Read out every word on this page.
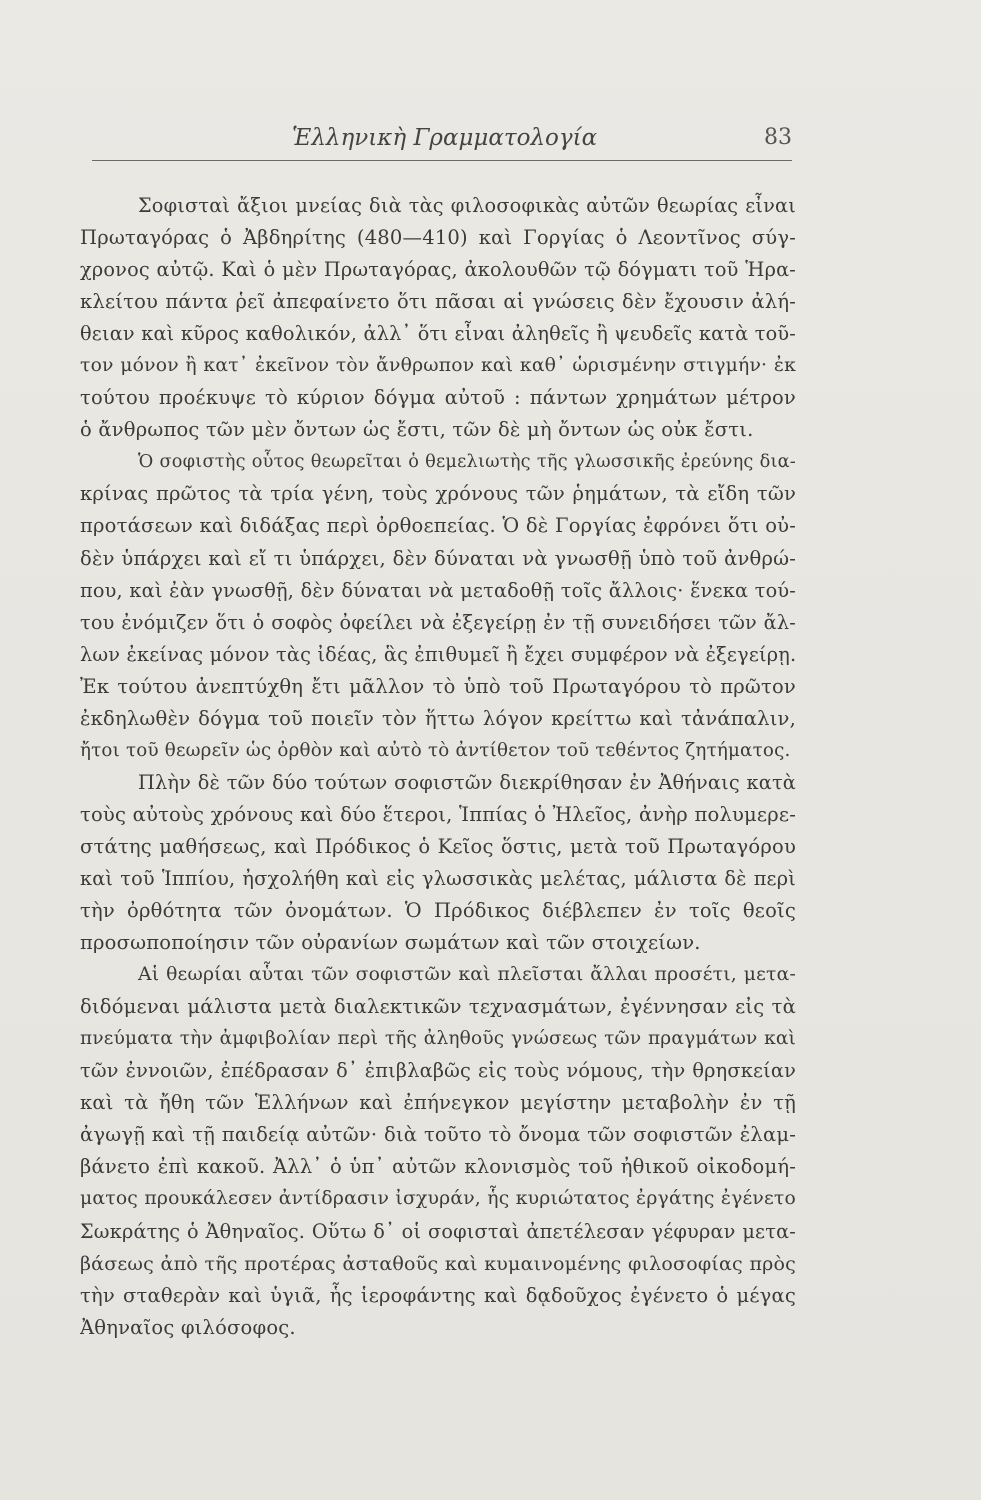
Ἑλληνικὴ Γραμματολογία	83
Σοφισταὶ ἄξιοι μνείας διὰ τὰς φιλοσοφικὰς αὐτῶν θεωρίας εἶναι
Πρωταγόρας ὁ Ἀβδηρίτης (480—410) καὶ Γοργίας ὁ Λεοντῖνος σύγ-
χρονος αὐτῷ. Καὶ ὁ μὲν Πρωταγόρας, ἀκολουθῶν τῷ δόγματι τοῦ Ἡρα-
κλείτου πάντα ῥεῖ ἀπεφαίνετο ὅτι πᾶσαι αἱ γνώσεις δὲν ἔχουσιν ἀλή-
θειαν καὶ κῦρος καθολικόν, ἀλλ᾽ ὅτι εἶναι ἀληθεῖς ἢ ψευδεῖς κατὰ τοῦ-
τον μόνον ἢ κατ᾽ ἐκεῖνον τὸν ἄνθρωπον καὶ καθ᾽ ὡρισμένην στιγμήν· ἐκ
τούτου προέκυψε τὸ κύριον δόγμα αὐτοῦ : πάντων χρημάτων μέτρον
ὁ ἄνθρωπος τῶν μὲν ὄντων ὡς ἔστι, τῶν δὲ μὴ ὄντων ὡς οὐκ ἔστι.
Ὁ σοφιστὴς οὗτος θεωρεῖται ὁ θεμελιωτὴς τῆς γλωσσικῆς ἐρεύνης δια-
κρίνας πρῶτος τὰ τρία γένη, τοὺς χρόνους τῶν ῥημάτων, τὰ εἴδη τῶν
προτάσεων καὶ διδάξας περὶ ὀρθοεπείας. Ὁ δὲ Γοργίας ἐφρόνει ὅτι οὐ-
δὲν ὑπάρχει καὶ εἴ τι ὑπάρχει, δὲν δύναται νὰ γνωσθῇ ὑπὸ τοῦ ἀνθρώ-
που, καὶ ἐὰν γνωσθῇ, δὲν δύναται νὰ μεταδοθῇ τοῖς ἄλλοις· ἕνεκα τού-
του ἐνόμιζεν ὅτι ὁ σοφὸς ὀφείλει νὰ ἐξεγείρῃ ἐν τῇ συνειδήσει τῶν ἄλ-
λων ἐκείνας μόνον τὰς ἰδέας, ἃς ἐπιθυμεῖ ἢ ἔχει συμφέρον νὰ ἐξεγείρῃ.
Ἐκ τούτου ἀνεπτύχθη ἔτι μᾶλλον τὸ ὑπὸ τοῦ Πρωταγόρου τὸ πρῶτον
ἐκδηλωθὲν δόγμα τοῦ ποιεῖν τὸν ἥττω λόγον κρείττω καὶ τἀνάπαλιν,
ἤτοι τοῦ θεωρεῖν ὡς ὀρθὸν καὶ αὐτὸ τὸ ἀντίθετον τοῦ τεθέντος ζητήματος.
Πλὴν δὲ τῶν δύο τούτων σοφιστῶν διεκρίθησαν ἐν Ἀθήναις κατὰ
τοὺς αὐτοὺς χρόνους καὶ δύο ἕτεροι, Ἱππίας ὁ Ἠλεῖος, ἀνὴρ πολυμερε-
στάτης μαθήσεως, καὶ Πρόδικος ὁ Κεῖος ὅστις, μετὰ τοῦ Πρωταγόρου
καὶ τοῦ Ἱππίου, ἠσχολήθη καὶ εἰς γλωσσικὰς μελέτας, μάλιστα δὲ περὶ
τὴν ὀρθότητα τῶν ὀνομάτων. Ὁ Πρόδικος διέβλεπεν ἐν τοῖς θεοῖς
προσωποποίησιν τῶν οὐρανίων σωμάτων καὶ τῶν στοιχείων.
Αἱ θεωρίαι αὗται τῶν σοφιστῶν καὶ πλεῖσται ἄλλαι προσέτι, μετα-
διδόμεναι μάλιστα μετὰ διαλεκτικῶν τεχνασμάτων, ἐγέννησαν εἰς τὰ
πνεύματα τὴν ἀμφιβολίαν περὶ τῆς ἀληθοῦς γνώσεως τῶν πραγμάτων καὶ
τῶν ἐννοιῶν, ἐπέδρασαν δ᾽ ἐπιβλαβῶς εἰς τοὺς νόμους, τὴν θρησκείαν
καὶ τὰ ἤθη τῶν Ἑλλήνων καὶ ἐπήνεγκον μεγίστην μεταβολὴν ἐν τῇ
ἀγωγῇ καὶ τῇ παιδείᾳ αὐτῶν· διὰ τοῦτο τὸ ὄνομα τῶν σοφιστῶν ἐλαμ-
βάνετο ἐπὶ κακοῦ. Ἀλλ᾽ ὁ ὑπ᾽ αὐτῶν κλονισμὸς τοῦ ἠθικοῦ οἰκοδομή-
ματος προυκάλεσεν ἀντίδρασιν ἰσχυράν, ἧς κυριώτατος ἐργάτης ἐγένετο
Σωκράτης ὁ Ἀθηναῖος. Οὕτω δ᾽ οἱ σοφισταὶ ἀπετέλεσαν γέφυραν μετα-
βάσεως ἀπὸ τῆς προτέρας ἀσταθοῦς καὶ κυμαινομένης φιλοσοφίας πρὸς
τὴν σταθερὰν καὶ ὑγιᾶ, ἧς ἱεροφάντης καὶ δᾳδοῦχος ἐγένετο ὁ μέγας
Ἀθηναῖος φιλόσοφος.
